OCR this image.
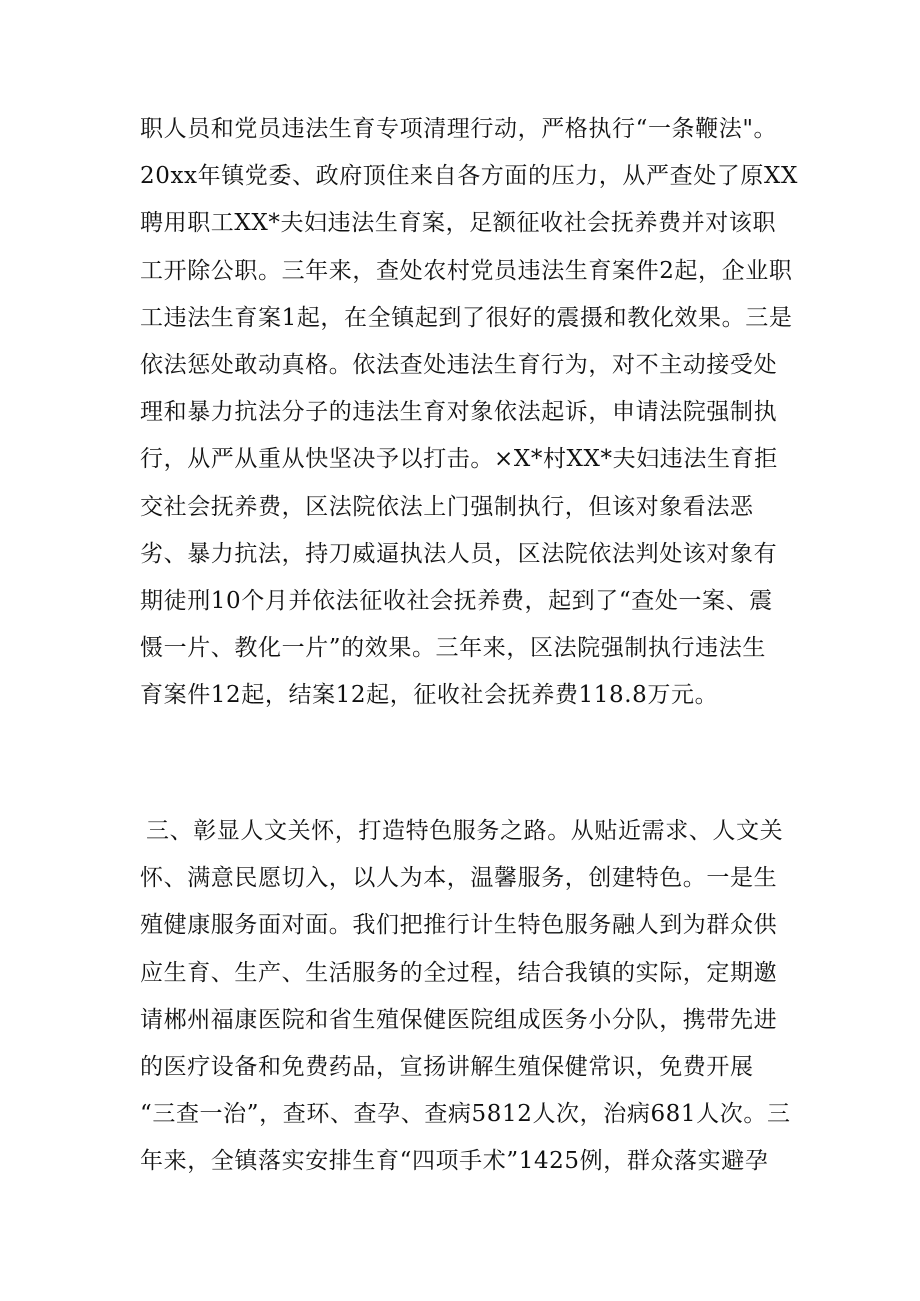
职人员和党员违法生育专项清理行动，严格执行“一条鞭法"。
20xx年镇党委、政府顶住来自各方面的压力，从严查处了原XX
聘用职工XX*夫妇违法生育案，足额征收社会抚养费并对该职
工开除公职。三年来，查处农村党员违法生育案件2起，企业职
工违法生育案1起，在全镇起到了很好的震摄和教化效果。三是
依法惩处敢动真格。依法查处违法生育行为，对不主动接受处
理和暴力抗法分子的违法生育对象依法起诉，申请法院强制执
行，从严从重从快坚决予以打击。×X*村XX*夫妇违法生育拒
交社会抚养费，区法院依法上门强制执行，但该对象看法恶
劣、暴力抗法，持刀威逼执法人员，区法院依法判处该对象有
期徒刑10个月并依法征收社会抚养费，起到了“查处一案、震
慑一片、教化一片”的效果。三年来，区法院强制执行违法生
育案件12起，结案12起，征收社会抚养费118.8万元。
三、彰显人文关怀，打造特色服务之路。从贴近需求、人文关
怀、满意民愿切入，以人为本，温馨服务，创建特色。一是生
殖健康服务面对面。我们把推行计生特色服务融人到为群众供
应生育、生产、生活服务的全过程，结合我镇的实际，定期邀
请郴州福康医院和省生殖保健医院组成医务小分队，携带先进
的医疗设备和免费药品，宣扬讲解生殖保健常识，免费开展
“三查一治”，查环、查孕、查病5812人次，治病681人次。三
年来，全镇落实安排生育“四项手术”1425例，群众落实避孕
